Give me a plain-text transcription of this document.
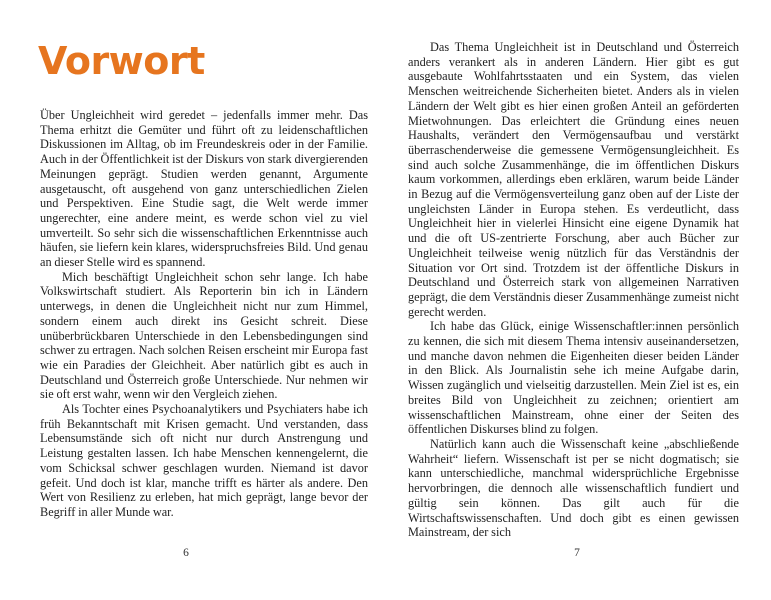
Vorwort

Über Ungleichheit wird geredet – jedenfalls immer mehr. Das Thema erhitzt die Gemüter und führt oft zu leidenschaftlichen Diskussionen im Alltag, ob im Freundeskreis oder in der Familie. Auch in der Öffentlichkeit ist der Diskurs von stark divergierenden Meinungen geprägt. Studien werden genannt, Argumente ausgetauscht, oft ausgehend von ganz unterschiedlichen Zielen und Perspektiven. Eine Studie sagt, die Welt werde immer ungerechter, eine andere meint, es werde schon viel zu viel umverteilt. So sehr sich die wissenschaftlichen Erkenntnisse auch häufen, sie liefern kein klares, widerspruchsfreies Bild. Und genau an dieser Stelle wird es spannend.

Mich beschäftigt Ungleichheit schon sehr lange. Ich habe Volkswirtschaft studiert. Als Reporterin bin ich in Ländern unterwegs, in denen die Ungleichheit nicht nur zum Himmel, sondern einem auch direkt ins Gesicht schreit. Diese unüberbrückbaren Unterschiede in den Lebensbedingungen sind schwer zu ertragen. Nach solchen Reisen erscheint mir Europa fast wie ein Paradies der Gleichheit. Aber natürlich gibt es auch in Deutschland und Österreich große Unterschiede. Nur nehmen wir sie oft erst wahr, wenn wir den Vergleich ziehen.

Als Tochter eines Psychoanalytikers und Psychiaters habe ich früh Bekanntschaft mit Krisen gemacht. Und verstanden, dass Lebensumstände sich oft nicht nur durch Anstrengung und Leistung gestalten lassen. Ich habe Menschen kennengelernt, die vom Schicksal schwer geschlagen wurden. Niemand ist davor gefeit. Und doch ist klar, manche trifft es härter als andere. Den Wert von Resilienz zu erleben, hat mich geprägt, lange bevor der Begriff in aller Munde war.

6

Das Thema Ungleichheit ist in Deutschland und Österreich anders verankert als in anderen Ländern. Hier gibt es gut ausgebaute Wohlfahrtsstaaten und ein System, das vielen Menschen weitreichende Sicherheiten bietet. Anders als in vielen Ländern der Welt gibt es hier einen großen Anteil an geförderten Mietwohnungen. Das erleichtert die Gründung eines neuen Haushalts, verändert den Vermögensaufbau und verstärkt überraschenderweise die gemessene Vermögensungleichheit. Es sind auch solche Zusammenhänge, die im öffentlichen Diskurs kaum vorkommen, allerdings eben erklären, warum beide Länder in Bezug auf die Vermögensverteilung ganz oben auf der Liste der ungleichsten Länder in Europa stehen. Es verdeutlicht, dass Ungleichheit hier in vielerlei Hinsicht eine eigene Dynamik hat und die oft US-zentrierte Forschung, aber auch Bücher zur Ungleichheit teilweise wenig nützlich für das Verständnis der Situation vor Ort sind. Trotzdem ist der öffentliche Diskurs in Deutschland und Österreich stark von allgemeinen Narrativen geprägt, die dem Verständnis dieser Zusammenhänge zumeist nicht gerecht werden.

Ich habe das Glück, einige Wissenschaftler:innen persönlich zu kennen, die sich mit diesem Thema intensiv auseinandersetzen, und manche davon nehmen die Eigenheiten dieser beiden Länder in den Blick. Als Journalistin sehe ich meine Aufgabe darin, Wissen zugänglich und vielseitig darzustellen. Mein Ziel ist es, ein breites Bild von Ungleichheit zu zeichnen; orientiert am wissenschaftlichen Mainstream, ohne einer der Seiten des öffentlichen Diskurses blind zu folgen.

Natürlich kann auch die Wissenschaft keine „abschließende Wahrheit“ liefern. Wissenschaft ist per se nicht dogmatisch; sie kann unterschiedliche, manchmal widersprüchliche Ergebnisse hervorbringen, die dennoch alle wissenschaftlich fundiert und gültig sein können. Das gilt auch für die Wirtschaftswissenschaften. Und doch gibt es einen gewissen Mainstream, der sich

7
